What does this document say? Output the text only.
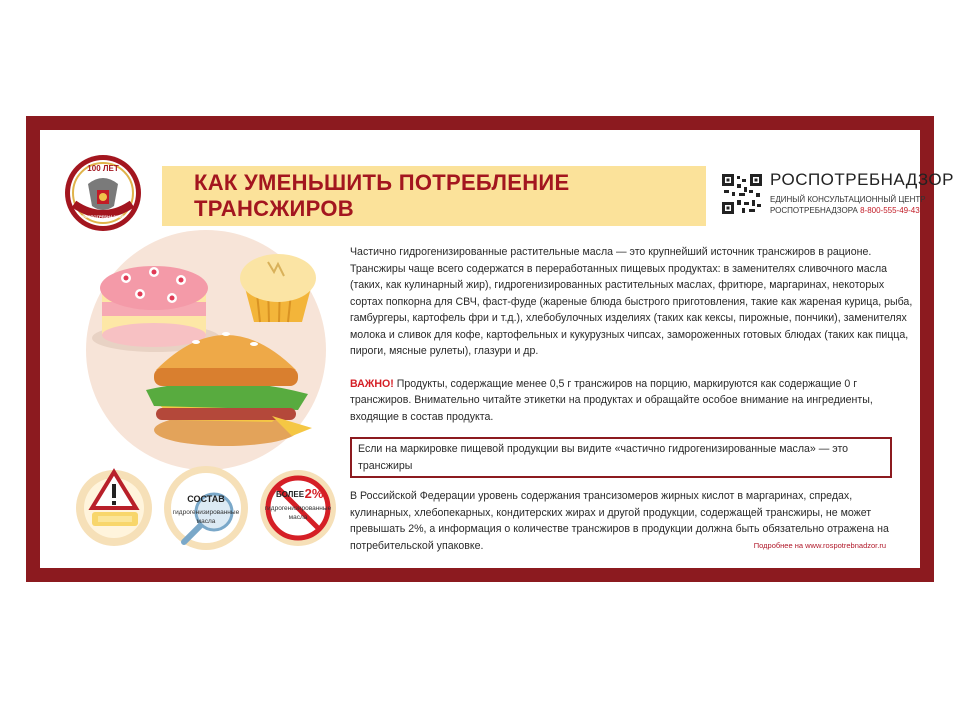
100 ЛЕТ
РОСПОТРЕБНАДЗОР
КАК УМЕНЬШИТЬ ПОТРЕБЛЕНИЕ ТРАНСЖИРОВ
РОСПОТРЕБНАДЗОР
ЕДИНЫЙ КОНСУЛЬТАЦИОННЫЙ ЦЕНТР
РОСПОТРЕБНАДЗОРА 8-800-555-49-43
СОСТАВ
гидрогенизированные
масла
БОЛЕЕ 2%
гидрогенизированные
масла

Частично гидрогенизированные растительные масла — это крупнейший источник трансжиров в рационе. Трансжиры чаще всего содержатся в переработанных пищевых продуктах: в заменителях сливочного масла (таких, как кулинарный жир), гидрогенизированных растительных маслах, фритюре, маргаринах, некоторых сортах попкорна для СВЧ, фаст-фуде (жареные блюда быстрого приготовления, такие как жареная курица, рыба, гамбургеры, картофель фри и т.д.), хлебобулочных изделиях (таких как кексы, пирожные, пончики), заменителях молока и сливок для кофе, картофельных и кукурузных чипсах, замороженных готовых блюдах (таких как пицца, пироги, мясные рулеты), глазури и др.

ВАЖНО! Продукты, содержащие менее 0,5 г трансжиров на порцию, маркируются как содержащие 0 г трансжиров. Внимательно читайте этикетки на продуктах и обращайте особое внимание на ингредиенты, входящие в состав продукта.

Если на маркировке пищевой продукции вы видите «частично гидрогенизированные масла» — это трансжиры

В Российской Федерации уровень содержания трансизомеров жирных кислот в маргаринах, спредах, кулинарных, хлебопекарных, кондитерских жирах и другой продукции, содержащей трансжиры, не может превышать 2%, а информация о количестве трансжиров в продукции должна быть обязательно отражена на потребительской упаковке.	Подробнее на www.rospotrebnadzor.ru
